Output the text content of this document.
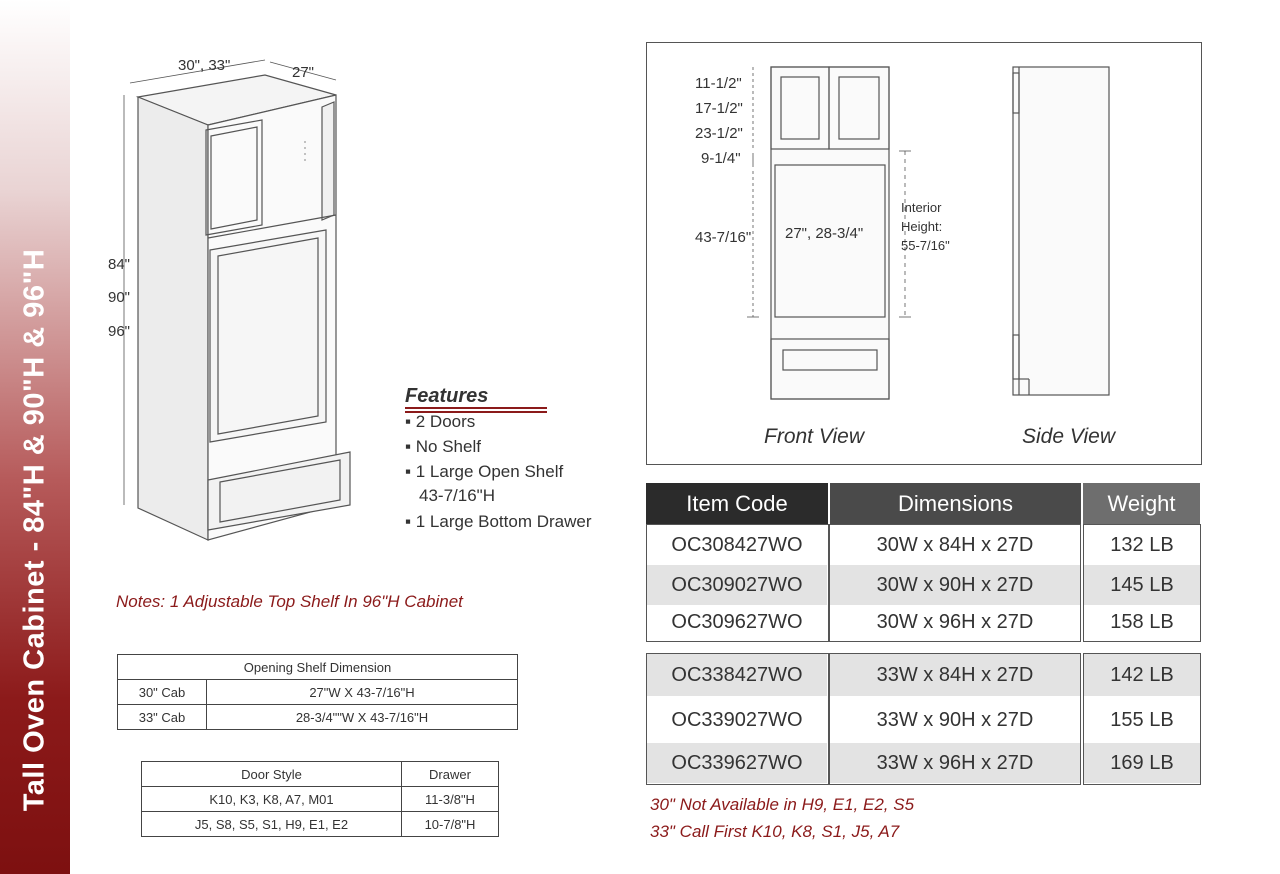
Tall Oven Cabinet - 84"H & 90"H & 96"H
30", 33"	27"
84"
90"
96"
Features
▪ 2 Doors
▪ No Shelf
▪ 1 Large Open Shelf
43-7/16"H
▪ 1 Large Bottom Drawer
Notes: 1 Adjustable Top Shelf In 96"H Cabinet
Opening Shelf Dimension	
30" Cab	27"W X 43-7/16"H
33" Cab	28-3/4""W X 43-7/16"H
Door Style	Drawer
K10, K3, K8, A7, M01	11-3/8"H
J5, S8, S5, S1, H9, E1, E2	10-7/8"H
11-1/2"
17-1/2"
23-1/2"
9-1/4"
43-7/16" 27", 28-3/4"
Interior
Height:
55-7/16"
Front View	Side View
Item Code	Dimensions	Weight
OC308427WO	30W x 84H x 27D	132 LB
OC309027WO	30W x 90H x 27D	145 LB
OC309627WO	30W x 96H x 27D	158 LB
OC338427WO	33W x 84H x 27D	142 LB
OC339027WO	33W x 90H x 27D	155 LB
OC339627WO	33W x 96H x 27D	169 LB
30" Not Available in H9, E1, E2, S5
33" Call First K10, K8, S1, J5, A7
